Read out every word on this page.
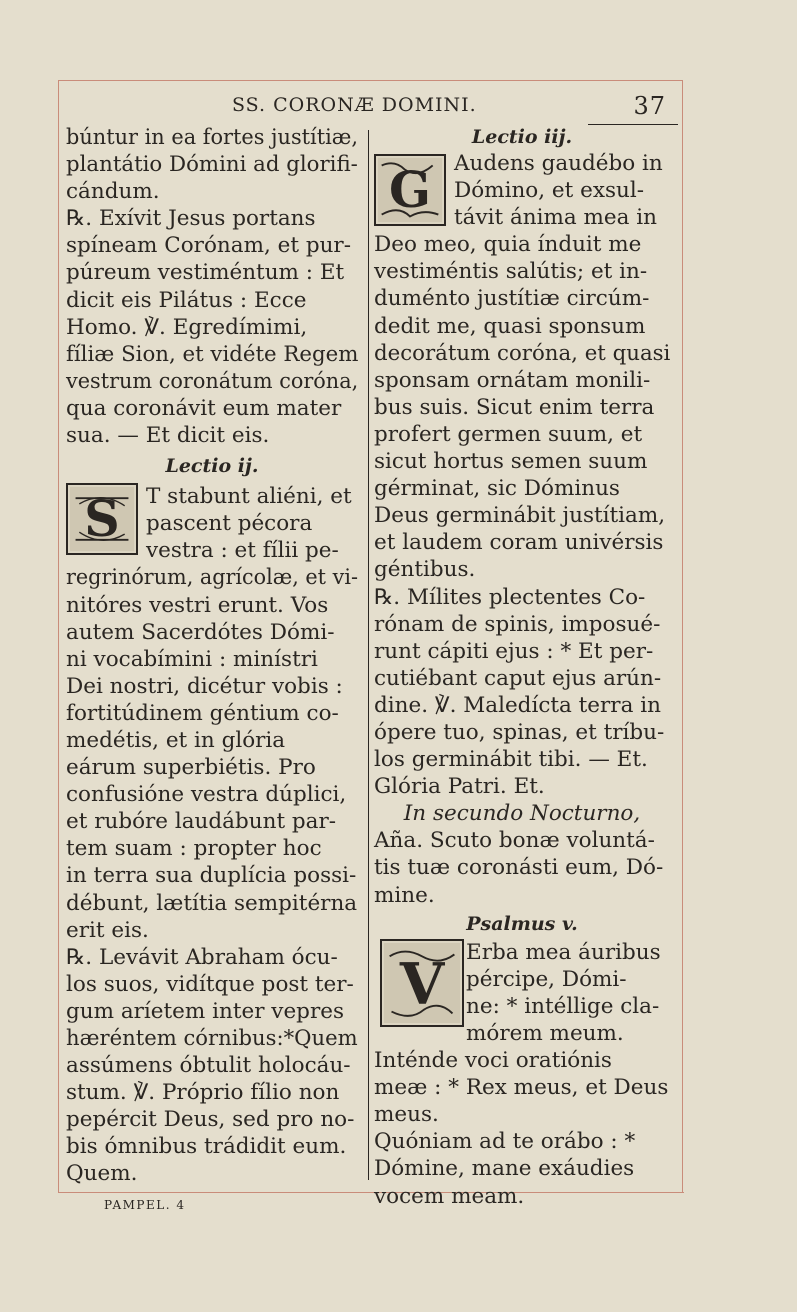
SS. CORONÆ DOMINI.	37
búntur in ea fortes justítiæ,
plantátio Dómini ad glorifi-
cándum.
℞. Exívit Jesus portans
spíneam Corónam, et pur-
púreum vestiméntum : Et
dicit eis Pilátus : Ecce
Homo. ℣. Egredímimi,
fíliæ Sion, et vidéte Regem
vestrum coronátum coróna,
qua coronávit eum mater
sua. — Et dicit eis.
Lectio ij.
S T stabunt aliéni, et
pascent pécora
vestra : et fílii pe-
regrinórum, agrícolæ, et vi-
nitóres vestri erunt. Vos
autem Sacerdótes Dómi-
ni vocabímini : minístri
Dei nostri, dicétur vobis :
fortitúdinem géntium co-
medétis, et in glória
eárum superbiétis. Pro
confusióne vestra dúplici,
et rubóre laudábunt par-
tem suam : propter hoc
in terra sua duplícia possi-
débunt, lætítia sempitérna
erit eis.
℞. Levávit Abraham ócu-
los suos, vidítque post ter-
gum aríetem inter vepres
hæréntem córnibus:*Quem
assúmens óbtulit holocáu-
stum. ℣. Próprio fílio non
pepércit Deus, sed pro no-
bis ómnibus trádidit eum.
Quem.
Lectio iij.
G Audens gaudébo in
Dómino, et exsul-
távit ánima mea in
Deo meo, quia índuit me
vestiméntis salútis; et in-
duménto justítiæ circúm-
dedit me, quasi sponsum
decorátum coróna, et quasi
sponsam ornátam monili-
bus suis. Sicut enim terra
profert germen suum, et
sicut hortus semen suum
gérminat, sic Dóminus
Deus germinábit justítiam,
et laudem coram univérsis
géntibus.
℞. Mílites plectentes Co-
rónam de spinis, imposué-
runt cápiti ejus : * Et per-
cutiébant caput ejus arún-
dine. ℣. Maledícta terra in
ópere tuo, spinas, et tríbu-
los germinábit tibi. — Et.
Glória Patri. Et.
In secundo Nocturno,
Aña. Scuto bonæ voluntá-
tis tuæ coronásti eum, Dó-
mine.
Psalmus v.
V Erba mea áuribus
pércipe, Dómi-
ne: * intéllige cla-
mórem meum.
Inténde voci oratiónis
meæ : * Rex meus, et Deus
meus.
Quóniam ad te orábo : *
Dómine, mane exáudies
vocem meam.
PAMPEL. 4
